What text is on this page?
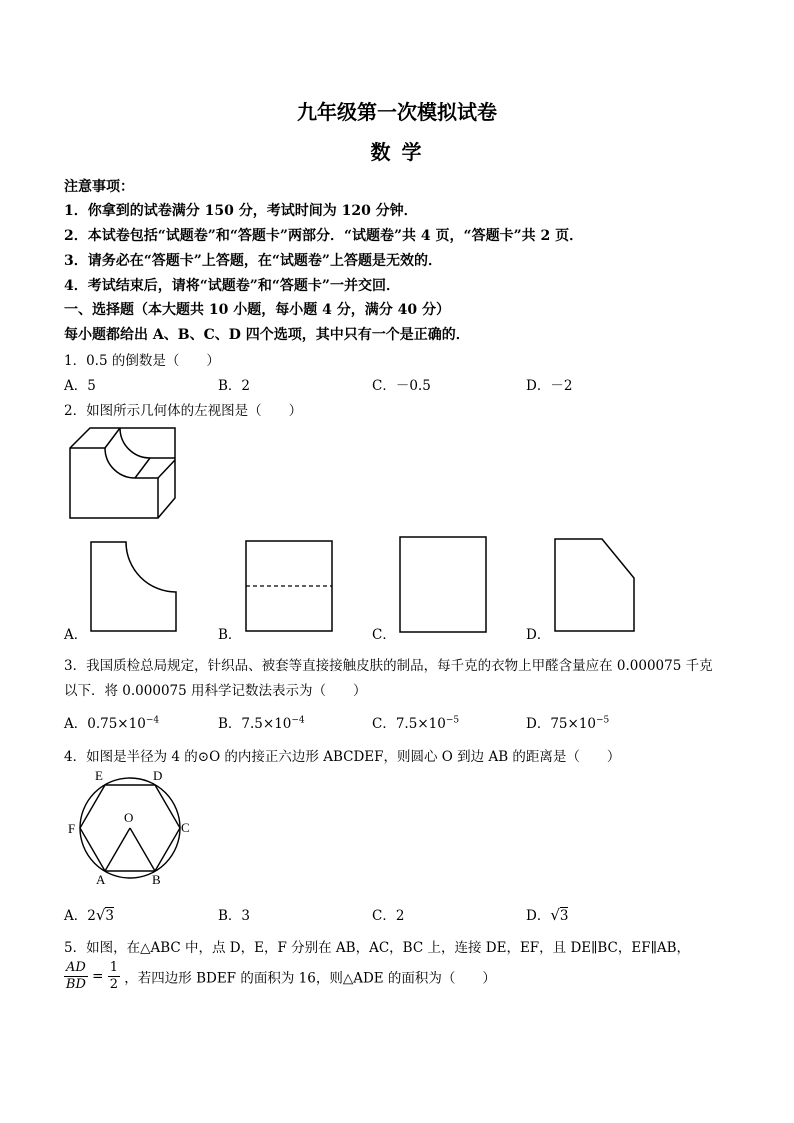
九年级第一次模拟试卷
数 学
注意事项：
1．你拿到的试卷满分 150 分，考试时间为 120 分钟．
2．本试卷包括“试题卷”和“答题卡”两部分．“试题卷”共 4 页，“答题卡”共 2 页．
3．请务必在“答题卡”上答题，在“试题卷”上答题是无效的．
4．考试结束后，请将“试题卷”和“答题卡”一并交回．
一、选择题（本大题共 10 小题，每小题 4 分，满分 40 分）
每小题都给出 A、B、C、D 四个选项，其中只有一个是正确的．
1．0.5 的倒数是（　　）
A．5	B．2	C．－0.5	D．－2
2．如图所示几何体的左视图是（　　）
A．	B．	C．	D．
3．我国质检总局规定，针织品、被套等直接接触皮肤的制品，每千克的衣物上甲醛含量应在 0.000075 千克
以下．将 0.000075 用科学记数法表示为（　　）
A．$0.75\times 10^{-4}$	B．$7.5\times 10^{-4}$	C．$7.5\times 10^{-5}$	D．$75\times 10^{-5}$
4．如图是半径为 4 的⊙O 的内接正六边形 ABCDEF，则圆心 O 到边 AB 的距离是（　　）
E	D
F
O
C
A	B
A．2√3	B．3	C．2	D．√3
5．如图，在△ABC 中，点 D，E，F 分别在 AB，AC，BC 上，连接 DE，EF，且 DE∥BC，EF∥AB，
$\frac{AD}{BD} = \frac{1}{2}$ ，若四边形 BDEF 的面积为 16，则△ADE 的面积为（　　）
